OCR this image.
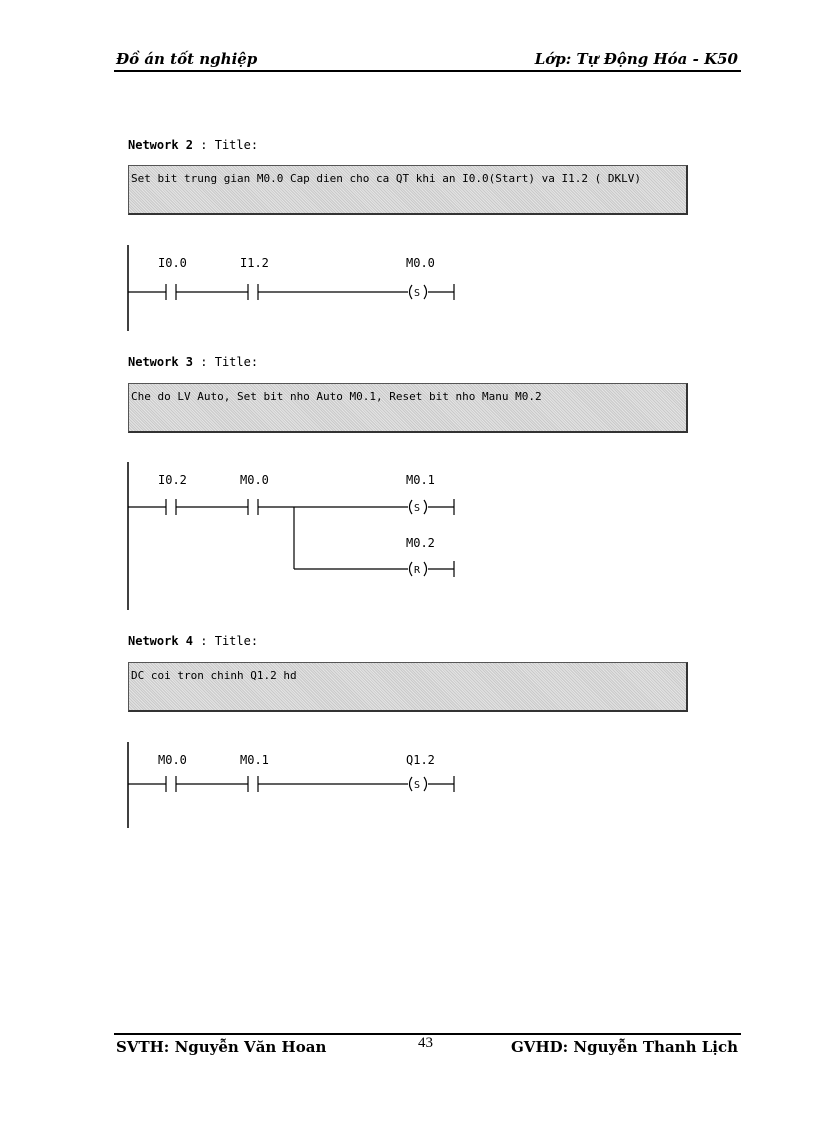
Đồ án tốt nghiệp	Lớp: Tự Động Hóa - K50
Network 2 : Title:
Set bit trung gian M0.0 Cap dien cho ca QT khi an I0.0(Start) va I1.2 ( DKLV)
I0.0	I1.2	M0.0
S
Network 3 : Title:
Che do LV Auto, Set bit nho Auto M0.1, Reset bit nho Manu M0.2
I0.2	M0.0	M0.1
S
M0.2
R
Network 4 : Title:
DC coi tron chinh Q1.2 hd
M0.0	M0.1	Q1.2
S
SVTH: Nguyễn Văn Hoan	43	GVHD: Nguyễn Thanh Lịch
